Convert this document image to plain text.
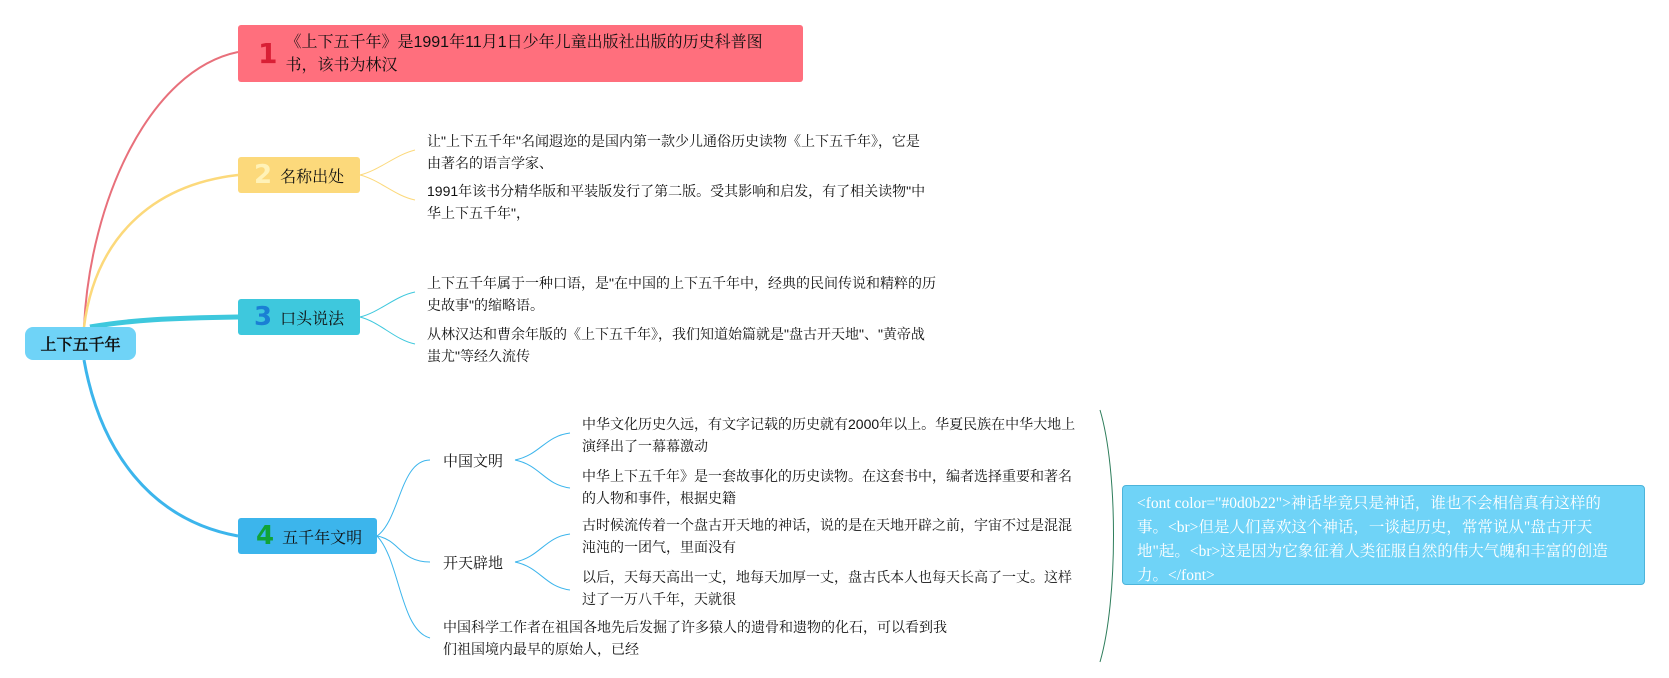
上下五千年
1 《上下五千年》是1991年11月1日少年儿童出版社出版的历史科普图书，该书为林汉
2 名称出处
让"上下五千年"名闻遐迩的是国内第一款少儿通俗历史读物《上下五千年》，它是由著名的语言学家、
1991年该书分精华版和平装版发行了第二版。受其影响和启发，有了相关读物"中华上下五千年"，
3 口头说法
上下五千年属于一种口语，是"在中国的上下五千年中，经典的民间传说和精粹的历史故事"的缩略语。
从林汉达和曹余年版的《上下五千年》，我们知道始篇就是"盘古开天地"、"黄帝战蚩尤"等经久流传
4 五千年文明
中国文明
中华文化历史久远，有文字记载的历史就有2000年以上。华夏民族在中华大地上演绎出了一幕幕激动
中华上下五千年》是一套故事化的历史读物。在这套书中，编者选择重要和著名的人物和事件，根据史籍
开天辟地
古时候流传着一个盘古开天地的神话，说的是在天地开辟之前，宇宙不过是混混沌沌的一团气，里面没有
以后，天每天高出一丈，地每天加厚一丈，盘古氏本人也每天长高了一丈。这样过了一万八千年，天就很
中国科学工作者在祖国各地先后发掘了许多猿人的遗骨和遗物的化石，可以看到我们祖国境内最早的原始人，已经
<font color="#0d0b22">神话毕竟只是神话，谁也不会相信真有这样的事。<br>但是人们喜欢这个神话，一谈起历史，常常说从"盘古开天地"起。<br>这是因为它象征着人类征服自然的伟大气魄和丰富的创造力。</font>
